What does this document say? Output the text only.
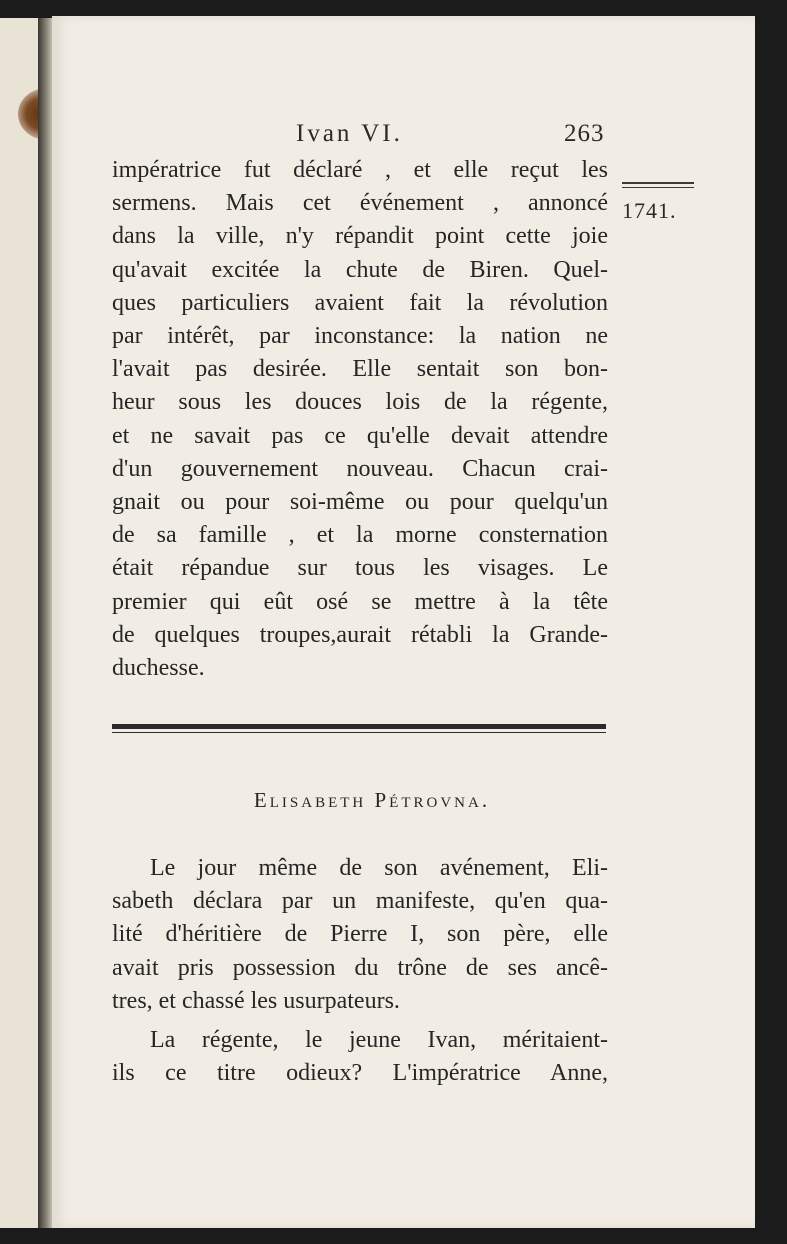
Ivan VI.	263
1741.

impératrice fut déclaré , et elle reçut les
sermens. Mais cet événement , annoncé
dans la ville, n'y répandit point cette joie
qu'avait excitée la chute de Biren. Quel-
ques particuliers avaient fait la révolution
par intérêt, par inconstance: la nation ne
l'avait pas desirée. Elle sentait son bon-
heur sous les douces lois de la régente,
et ne savait pas ce qu'elle devait attendre
d'un gouvernement nouveau. Chacun crai-
gnait ou pour soi-même ou pour quelqu'un
de sa famille , et la morne consternation
était répandue sur tous les visages. Le
premier qui eût osé se mettre à la tête
de quelques troupes,aurait rétabli la Grande-
duchesse.

Elisabeth Pétrovna.

Le jour même de son avénement, Eli-
sabeth déclara par un manifeste, qu'en qua-
lité d'héritière de Pierre I, son père, elle
avait pris possession du trône de ses ancê-
tres, et chassé les usurpateurs.
La régente, le jeune Ivan, méritaient-
ils ce titre odieux? L'impératrice Anne,
